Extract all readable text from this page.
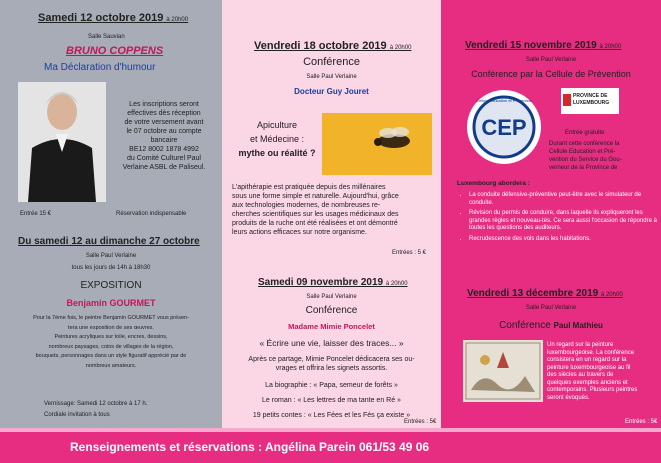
Samedi 12 octobre 2019 à 20h00

Salle Sauvian

BRUNO COPPENS

Ma Déclaration d'humour

Les inscriptions seront
effectives dès réception
de votre versement avant
le 07 octobre au compte
bancaire
BE12 8002 1878 4992
du Comité Culturel Paul
Verlaine ASBL de Paliseul.

Entrée 15 €	Réservation indispensable

Du samedi 12 au dimanche 27 octobre

Salle Paul Verlaine

tous les jours de 14h à 18h30

EXPOSITION

Benjamin GOURMET

Pour la 7ème fois, le peintre Benjamin GOURMET vous présen-
tera une exposition de ses œuvres.
Peintures acryliques sur toile, encres, dessins,
nombreux paysages, coins de villages de la région,
bouquets, personnages dans un style figuratif apprécié par de
nombreux amateurs.

Vernissage: Samedi 12 octobre à 17 h.

Cordiale invitation à tous

Vendredi 18 octobre 2019 à 20h00

Conférence

Salle Paul Verlaine

Docteur Guy Jouret

Apiculture
et Médecine :
mythe ou réalité ?
L'apithérapie est pratiquée depuis des millénaires
sous une forme simple et naturelle. Aujourd'hui, grâce
aux technologies modernes, de nombreuses re-
cherches scientifiques sur les usages médicinaux des
produits de la ruche ont été réalisées et ont démontré
leurs actions efficaces sur notre organisme.

Entrées : 5 €

Samedi 09 novembre 2019 à 20h00

Salle Paul Verlaine

Conférence

Madame Mimie Poncelet

« Écrire une vie, laisser des traces... »

Après ce partage, Mimie Poncelet dédicacera ses ou-
vrages et offrira les signets assortis.
La biographie : « Papa, semeur de forêts »
Le roman : « Les lettres de ma tante en Ré »
19 petits contes : « Les Fées et les Fés ça existe »

Entrées : 5€

Vendredi 15 novembre 2019 à 20h00

Salle Paul Verlaine

Conférence par la Cellule de Prévention

CEP
Cellule Education et Prévention
PROVINCE DE LUXEMBOURG

Entrée gratuite

Durant cette conférence la
Cellule Education et Pré-
vention du Service du Gou-
verneur de la Province de

Luxembourg abordera :

• La conduite défensive-préventive peut-être avec le simulateur de conduite.
• Révision du permis de conduire, dans laquelle ils expliqueront les grandes règles et nouveau-tés. Ce sera aussi l'occasion de répondre à toutes les questions des auditeurs.
• Recrudescence des vols dans les habitations.

Vendredi 13 décembre 2019 à 20h00

Salle Paul Verlaine

Conférence Paul Mathieu

Un regard sur la peinture
luxembourgeoise. La conférence
consistera en un regard sur la
peinture luxembourgeoise au fil
des siècles au travers de
quelques exemples anciens et
contemporains. Plusieurs peintres seront évoqués.

Entrées : 5€

Renseignements et réservations : Angélina Parein 061/53 49 06
